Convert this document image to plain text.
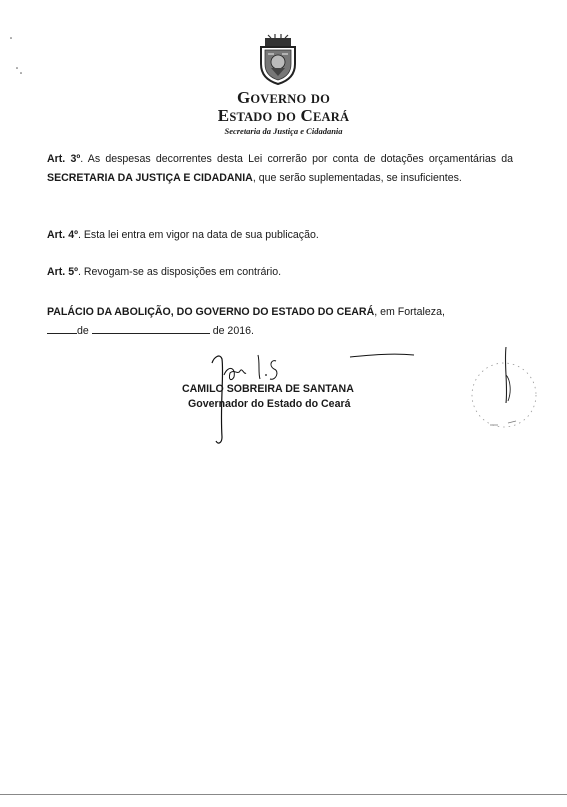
GOVERNO DO
ESTADO DO CEARÁ
Secretaria da Justiça e Cidadania
Art. 3º. As despesas decorrentes desta Lei correrão por conta de dotações orçamentárias da SECRETARIA DA JUSTIÇA E CIDADANIA, que serão suplementadas, se insuficientes.
Art. 4º. Esta lei entra em vigor na data de sua publicação.
Art. 5º. Revogam-se as disposições em contrário.
PALÁCIO DA ABOLIÇÃO, DO GOVERNO DO ESTADO DO CEARÁ, em Fortaleza,
de	de 2016.
CAMILO SOBREIRA DE SANTANA
Governador do Estado do Ceará
